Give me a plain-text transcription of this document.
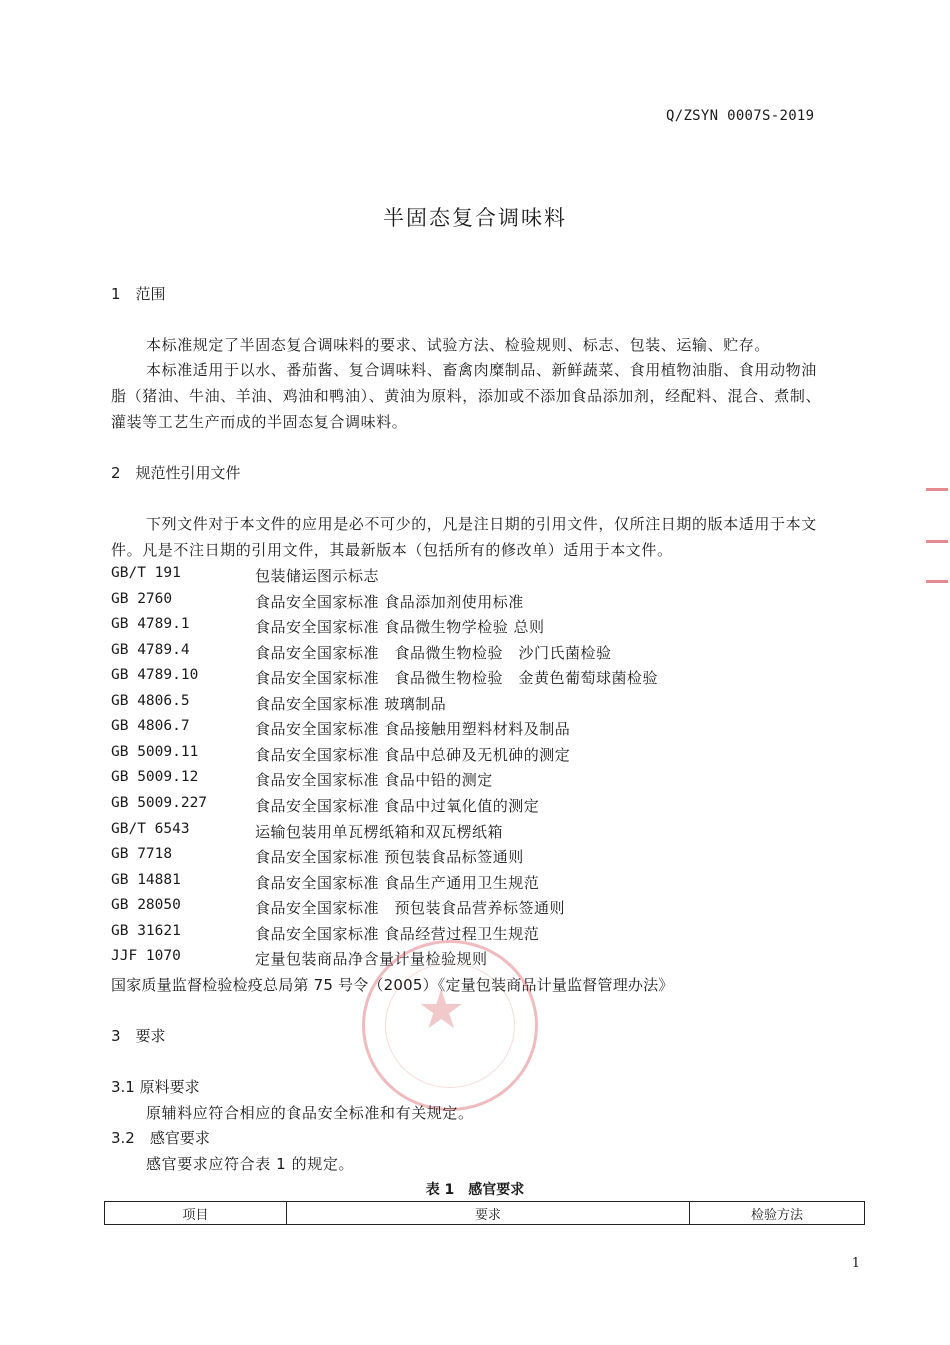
Q/ZSYN 0007S-2019
半固态复合调味料
1　范围
本标准规定了半固态复合调味料的要求、试验方法、检验规则、标志、包装、运输、贮存。
本标准适用于以水、番茄酱、复合调味料、畜禽肉糜制品、新鲜蔬菜、食用植物油脂、食用动物油
脂（猪油、牛油、羊油、鸡油和鸭油）、黄油为原料，添加或不添加食品添加剂，经配料、混合、煮制、
灌装等工艺生产而成的半固态复合调味料。
2　规范性引用文件
下列文件对于本文件的应用是必不可少的，凡是注日期的引用文件，仅所注日期的版本适用于本文
件。凡是不注日期的引用文件，其最新版本（包括所有的修改单）适用于本文件。
GB/T 191	包装储运图示标志
GB 2760	食品安全国家标准 食品添加剂使用标准
GB 4789.1	食品安全国家标准 食品微生物学检验 总则
GB 4789.4	食品安全国家标准　食品微生物检验　沙门氏菌检验
GB 4789.10	食品安全国家标准　食品微生物检验　金黄色葡萄球菌检验
GB 4806.5	食品安全国家标准 玻璃制品
GB 4806.7	食品安全国家标准 食品接触用塑料材料及制品
GB 5009.11	食品安全国家标准 食品中总砷及无机砷的测定
GB 5009.12	食品安全国家标准 食品中铅的测定
GB 5009.227	食品安全国家标准 食品中过氧化值的测定
GB/T 6543	运输包装用单瓦楞纸箱和双瓦楞纸箱
GB 7718	食品安全国家标准 预包装食品标签通则
GB 14881	食品安全国家标准 食品生产通用卫生规范
GB 28050	食品安全国家标准　预包装食品营养标签通则
GB 31621	食品安全国家标准 食品经营过程卫生规范
JJF 1070	定量包装商品净含量计量检验规则
国家质量监督检验检疫总局第 75 号令（2005）《定量包装商品计量监督管理办法》
★
3　要求
3.1 原料要求
原辅料应符合相应的食品安全标准和有关规定。
3.2　感官要求
感官要求应符合表 1 的规定。
表 1　感官要求
项目	要求	检验方法
1
